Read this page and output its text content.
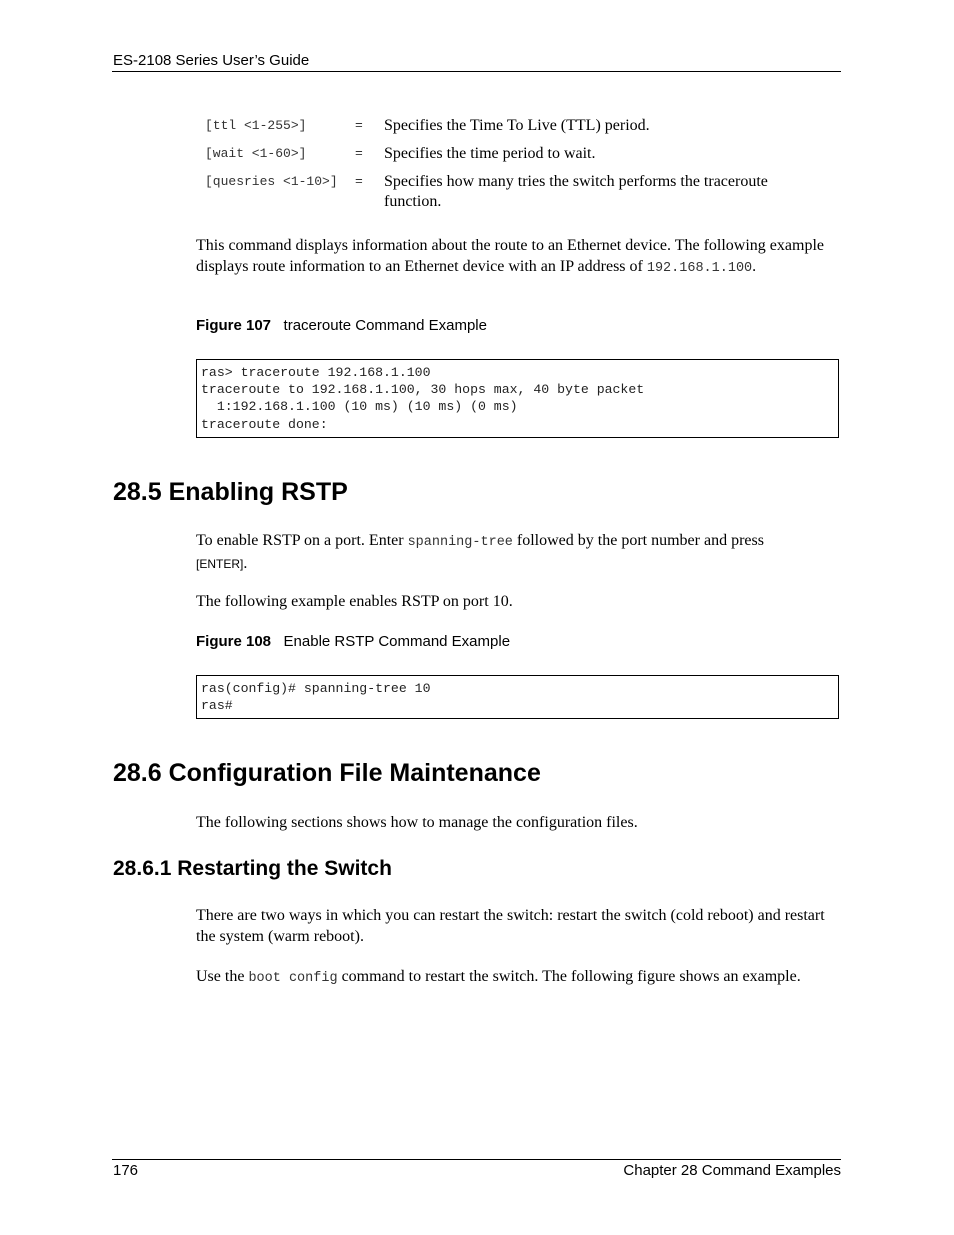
ES-2108 Series User’s Guide
[ttl <1-255>]	= Specifies the Time To Live (TTL) period.
[wait <1-60>]	= Specifies the time period to wait.
[quesries <1-10>] = Specifies how many tries the switch performs the traceroute function.
This command displays information about the route to an Ethernet device. The following example displays route information to an Ethernet device with an IP address of 192.168.1.100.
Figure 107 traceroute Command Example
ras> traceroute 192.168.1.100
traceroute to 192.168.1.100, 30 hops max, 40 byte packet
1:192.168.1.100 (10 ms) (10 ms) (0 ms)
traceroute done:
28.5 Enabling RSTP
To enable RSTP on a port. Enter spanning-tree followed by the port number and press
[ENTER].
The following example enables RSTP on port 10.
Figure 108 Enable RSTP Command Example
ras(config)# spanning-tree 10
ras#
28.6 Configuration File Maintenance
The following sections shows how to manage the configuration files.
28.6.1 Restarting the Switch
There are two ways in which you can restart the switch: restart the switch (cold reboot) and restart the system (warm reboot).
Use the boot config command to restart the switch. The following figure shows an example.
176	Chapter 28 Command Examples
